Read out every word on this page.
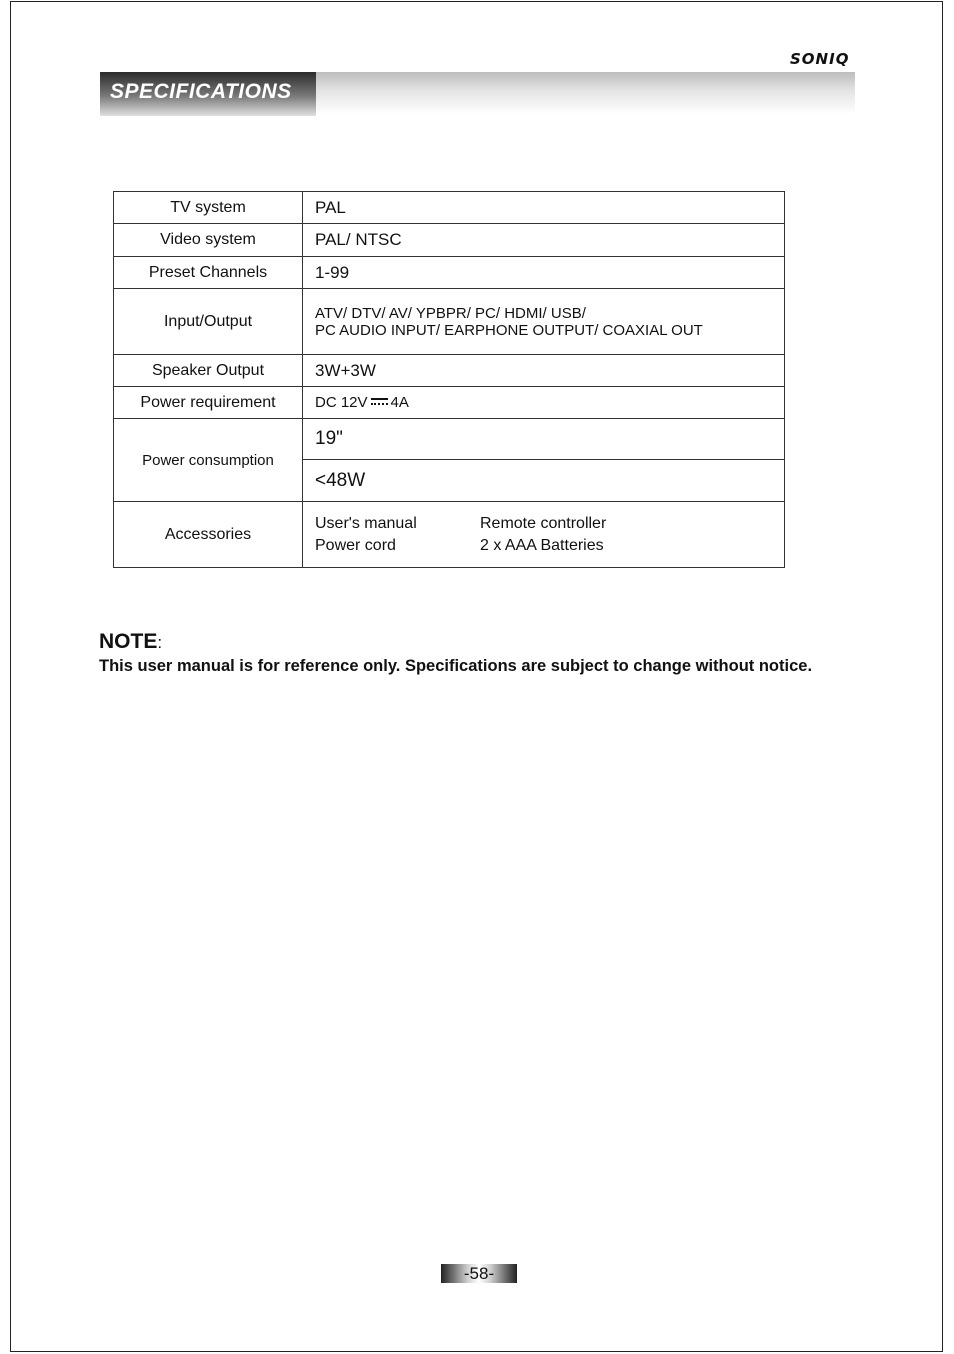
SONIQ
SPECIFICATIONS
TV system	PAL
Video system	PAL/ NTSC
Preset Channels	1-99
Input/Output	ATV/ DTV/ AV/ YPBPR/ PC/ HDMI/ USB/
PC AUDIO INPUT/ EARPHONE OUTPUT/ COAXIAL OUT

Speaker Output	3W+3W
Power requirement	DC 12V 4A
Power consumption	19"
	<48W
Accessories	User's manual Remote controller
Power cord 2 x AAA Batteries
NOTE:
This user manual is for reference only. Specifications are subject to change without notice.
-58-
